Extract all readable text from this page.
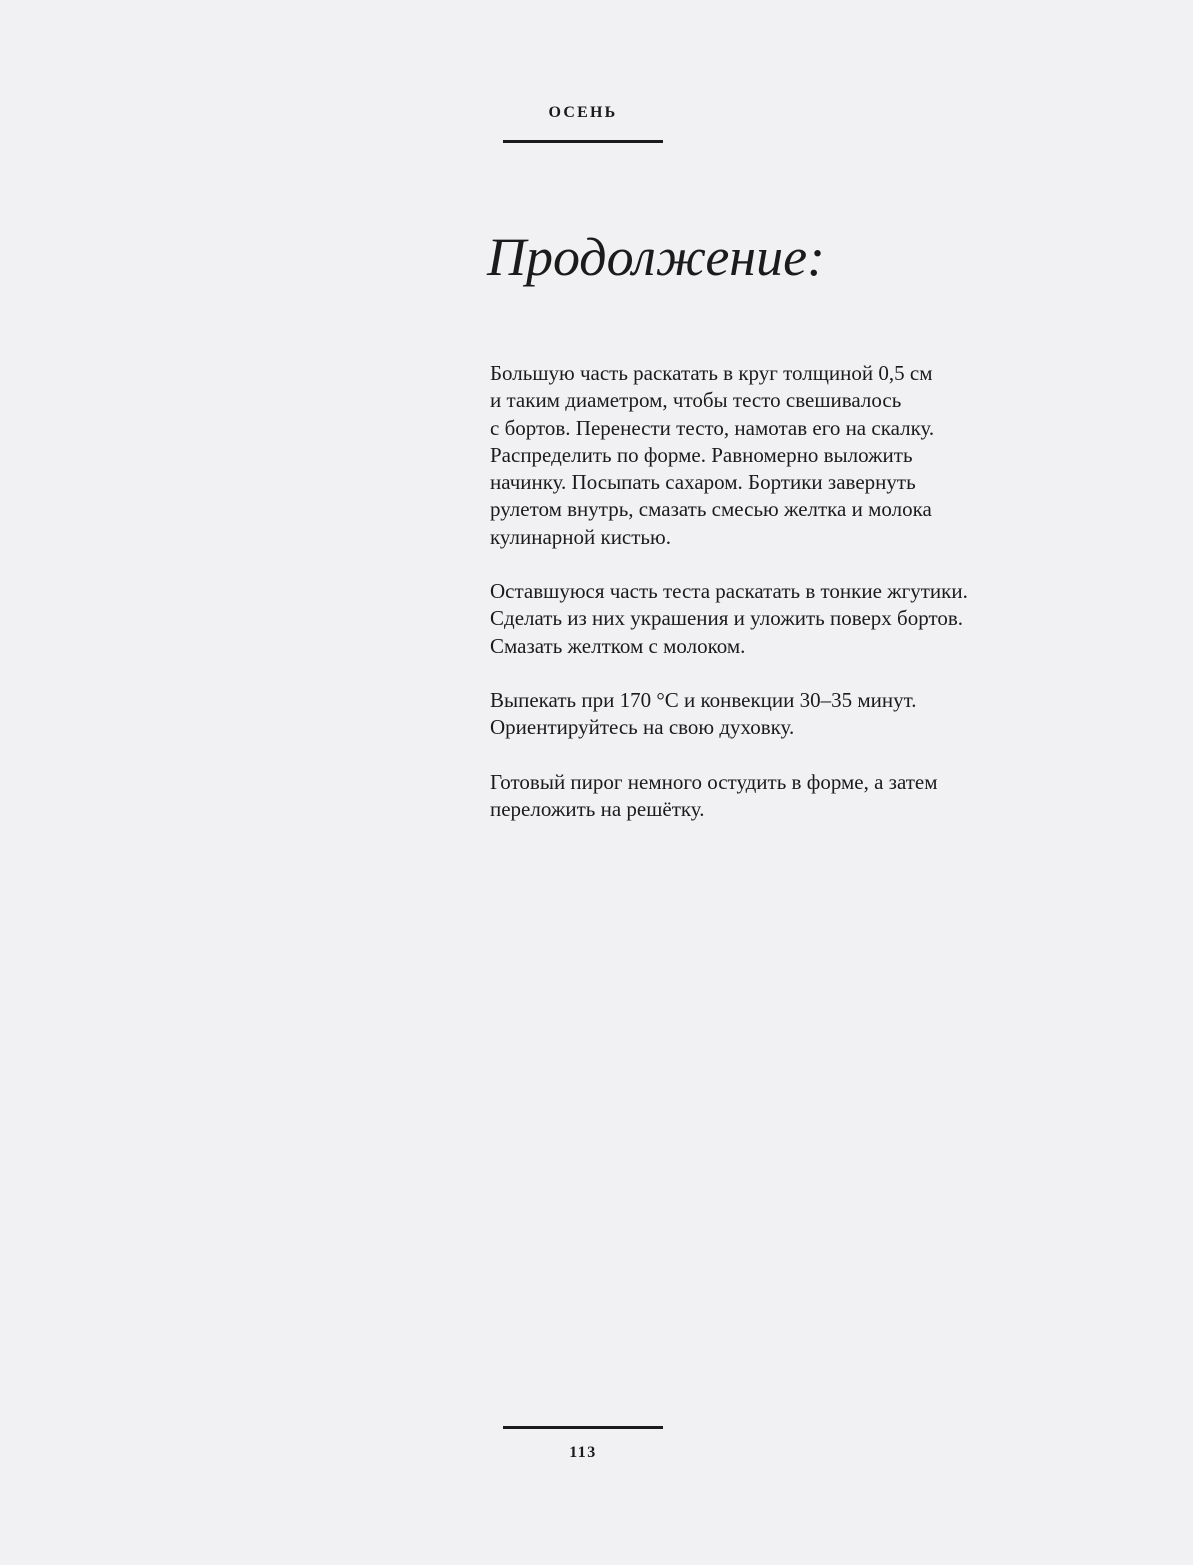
ОСЕНЬ
Продолжение:

Большую часть раскатать в круг толщиной 0,5 см
и таким диаметром, чтобы тесто свешивалось
с бортов. Перенести тесто, намотав его на скалку.
Распределить по форме. Равномерно выложить
начинку. Посыпать сахаром. Бортики завернуть
рулетом внутрь, смазать смесью желтка и молока
кулинарной кистью.

Оставшуюся часть теста раскатать в тонкие жгутики.
Сделать из них украшения и уложить поверх бортов.
Смазать желтком с молоком.

Выпекать при 170 °С и конвекции 30–35 минут.
Ориентируйтесь на свою духовку.

Готовый пирог немного остудить в форме, а затем
переложить на решётку.

113
